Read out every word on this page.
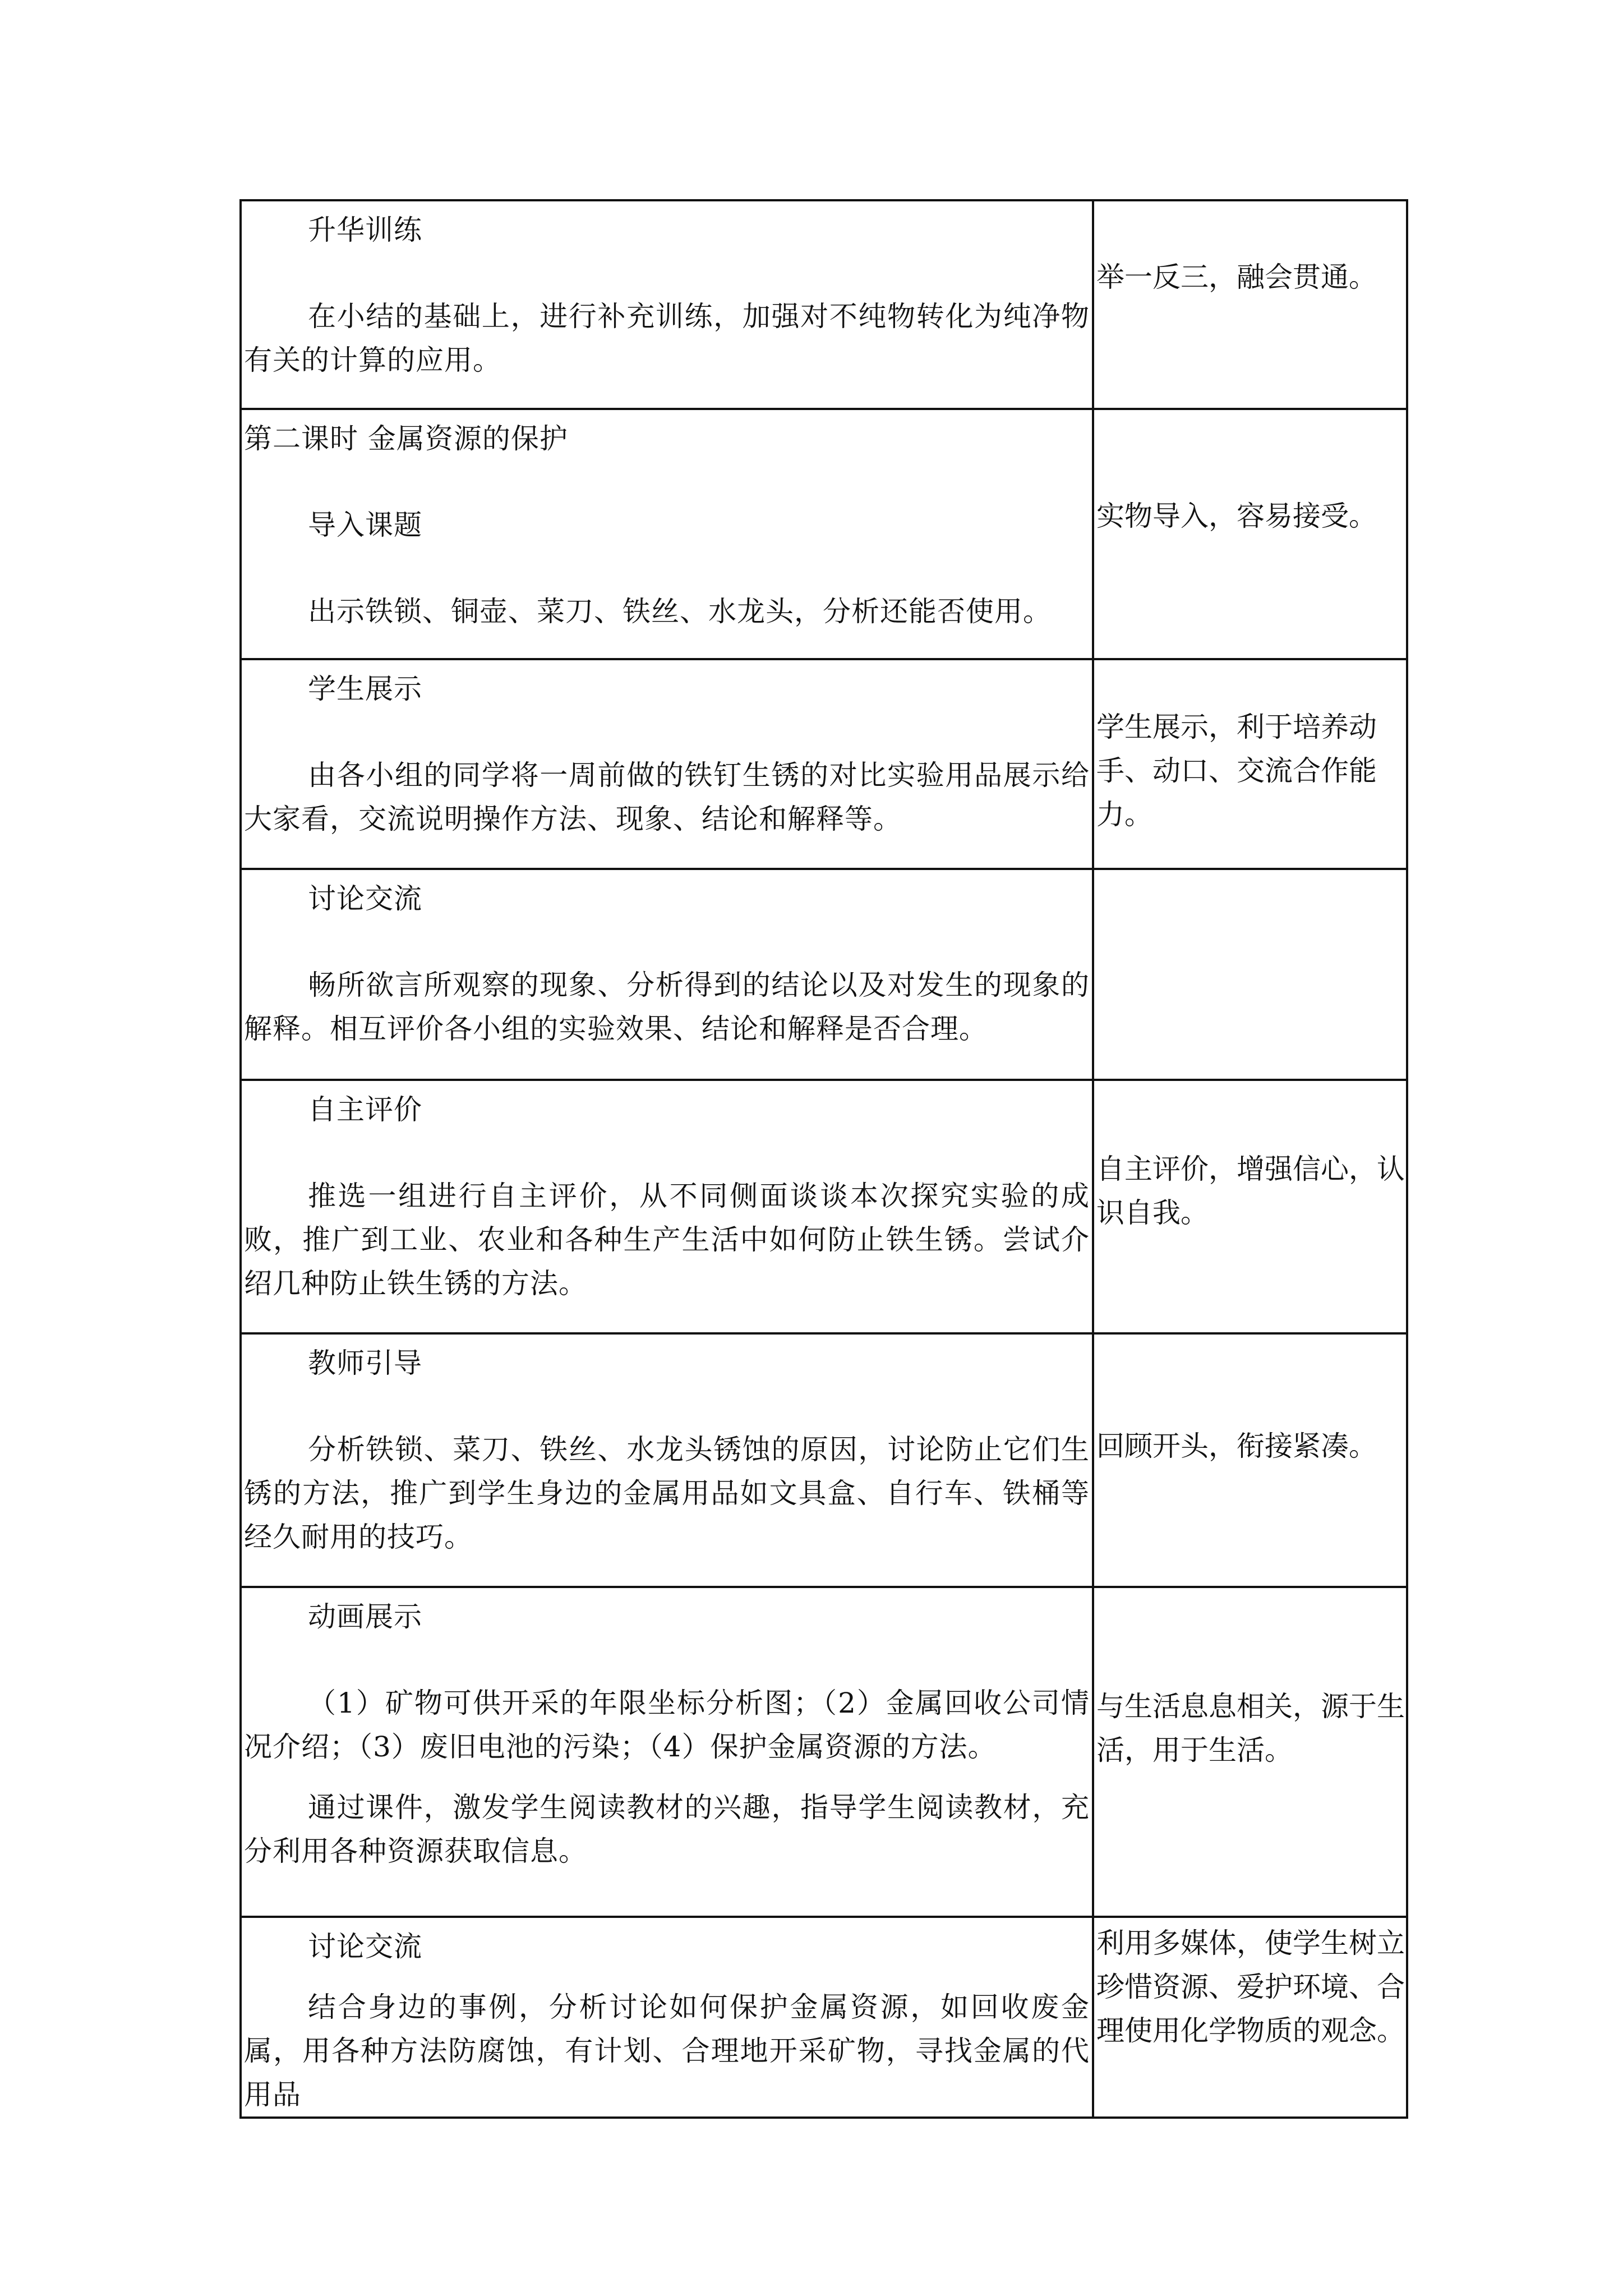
升华训练

在小结的基础上，进行补充训练，加强对不纯物转化为纯净物有关的计算的应用。	举一反三，融会贯通。

第二课时 金属资源的保护

导入课题

出示铁锁、铜壶、菜刀、铁丝、水龙头，分析还能否使用。	实物导入，容易接受。

学生展示

由各小组的同学将一周前做的铁钉生锈的对比实验用品展示给大家看，交流说明操作方法、现象、结论和解释等。	学生展示，利于培养动手、动口、交流合作能力。

讨论交流

畅所欲言所观察的现象、分析得到的结论以及对发生的现象的解释。相互评价各小组的实验效果、结论和解释是否合理。	

自主评价

推选一组进行自主评价，从不同侧面谈谈本次探究实验的成败，推广到工业、农业和各种生产生活中如何防止铁生锈。尝试介绍几种防止铁生锈的方法。	自主评价，增强信心，认识自我。

教师引导

分析铁锁、菜刀、铁丝、水龙头锈蚀的原因，讨论防止它们生锈的方法，推广到学生身边的金属用品如文具盒、自行车、铁桶等经久耐用的技巧。	回顾开头，衔接紧凑。

动画展示

（1）矿物可供开采的年限坐标分析图；（2）金属回收公司情况介绍；（3）废旧电池的污染；（4）保护金属资源的方法。

通过课件，激发学生阅读教材的兴趣，指导学生阅读教材，充分利用各种资源获取信息。	与生活息息相关，源于生活，用于生活。

讨论交流

结合身边的事例，分析讨论如何保护金属资源，如回收废金属，用各种方法防腐蚀，有计划、合理地开采矿物，寻找金属的代用品	利用多媒体，使学生树立珍惜资源、爱护环境、合理使用化学物质的观念。
